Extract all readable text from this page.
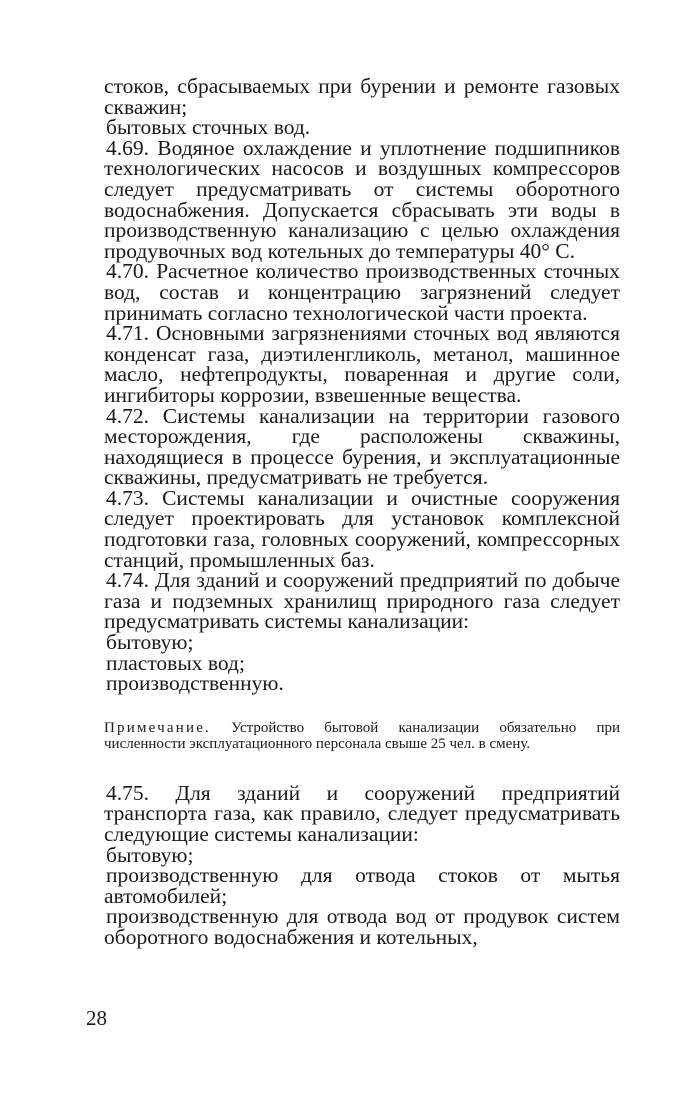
стоков, сбрасываемых при бурении и ремонте газовых скважин;

бытовых сточных вод.

4.69. Водяное охлаждение и уплотнение подшипников технологических насосов и воздушных компрессоров следует предусматривать от системы оборотного водоснабжения. Допускается сбрасывать эти воды в производственную канализацию с целью охлаждения продувочных вод котельных до температуры 40° С.

4.70. Расчетное количество производственных сточных вод, состав и концентрацию загрязнений следует принимать согласно технологической части проекта.

4.71. Основными загрязнениями сточных вод являются конденсат газа, диэтиленгликоль, метанол, машинное масло, нефтепродукты, поваренная и другие соли, ингибиторы коррозии, взвешенные вещества.

4.72. Системы канализации на территории газового месторождения, где расположены скважины, находящиеся в процессе бурения, и эксплуатационные скважины, предусматривать не требуется.

4.73. Системы канализации и очистные сооружения следует проектировать для установок комплексной подготовки газа, головных сооружений, компрессорных станций, промышленных баз.

4.74. Для зданий и сооружений предприятий по добыче газа и подземных хранилищ природного газа следует предусматривать системы канализации:

бытовую;

пластовых вод;

производственную.

Примечание. Устройство бытовой канализации обязательно при численности эксплуатационного персонала свыше 25 чел. в смену.

4.75. Для зданий и сооружений предприятий транспорта газа, как правило, следует предусматривать следующие системы канализации:

бытовую;

производственную для отвода стоков от мытья автомобилей;

производственную для отвода вод от продувок систем оборотного водоснабжения и котельных,

28
